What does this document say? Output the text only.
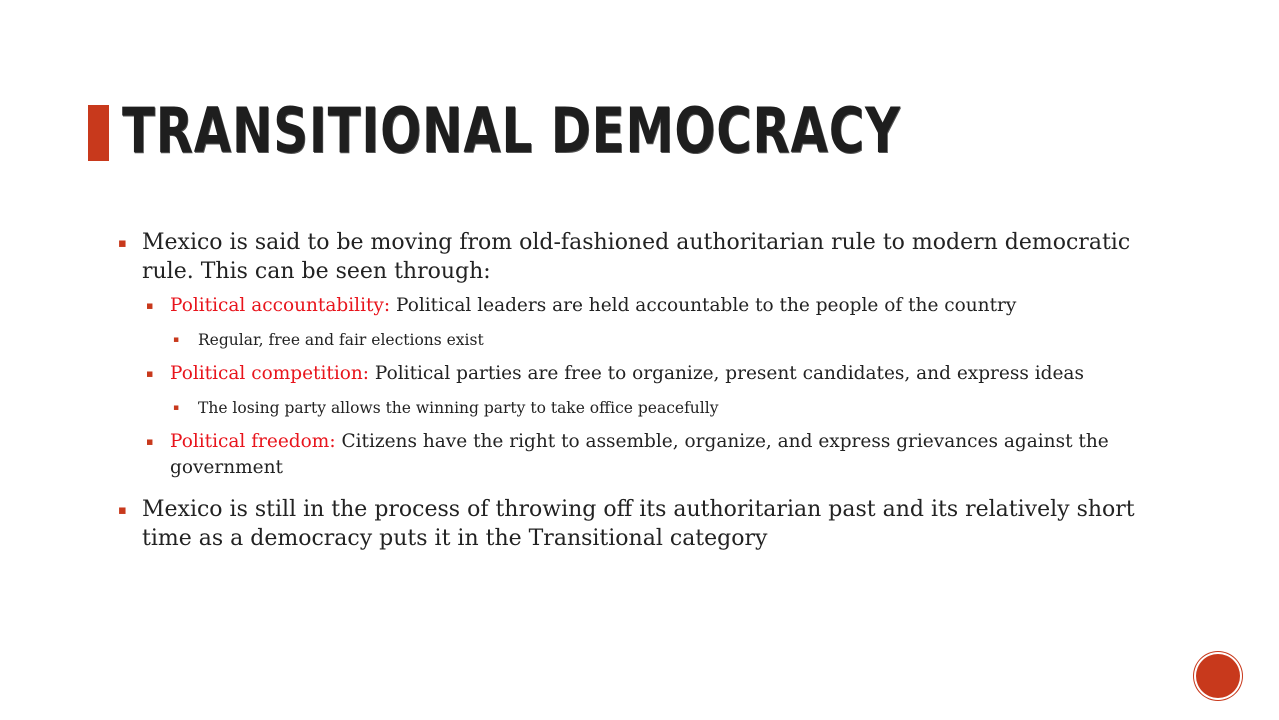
TRANSITIONAL DEMOCRACY
▪ Mexico is said to be moving from old-fashioned authoritarian rule to modern democratic rule. This can be seen through:
▪ Political accountability: Political leaders are held accountable to the people of the country
▪ Regular, free and fair elections exist
▪ Political competition: Political parties are free to organize, present candidates, and express ideas
▪ The losing party allows the winning party to take office peacefully
▪ Political freedom: Citizens have the right to assemble, organize, and express grievances against the government
▪ Mexico is still in the process of throwing off its authoritarian past and its relatively short time as a democracy puts it in the Transitional category
